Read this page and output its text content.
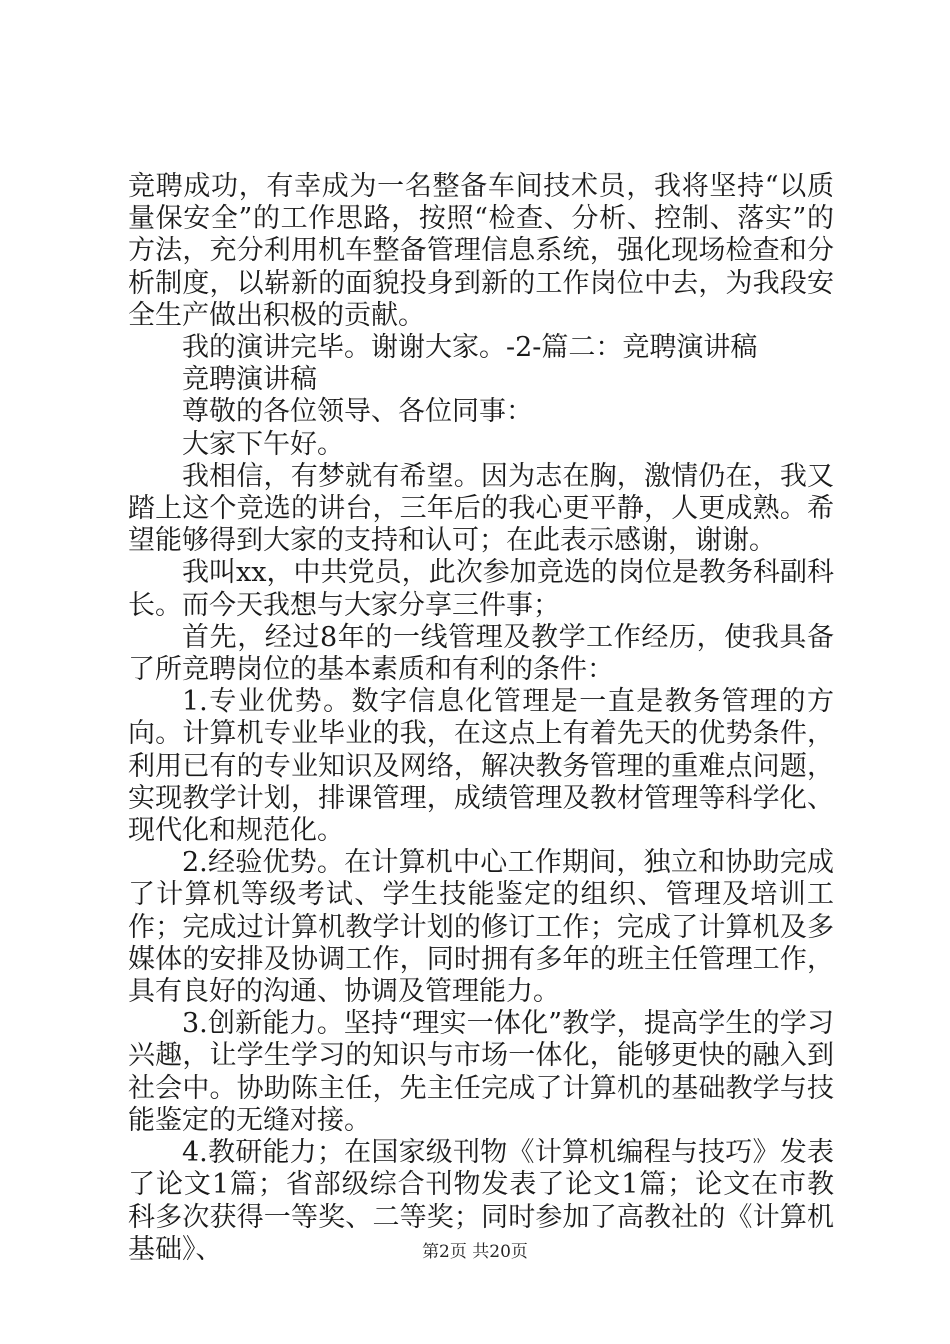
竞聘成功，有幸成为一名整备车间技术员，我将坚持“以质量保安全”的工作思路，按照“检查、分析、控制、落实”的方法，充分利用机车整备管理信息系统，强化现场检查和分析制度，以崭新的面貌投身到新的工作岗位中去，为我段安全生产做出积极的贡献。

我的演讲完毕。谢谢大家。-2-篇二：竞聘演讲稿

竞聘演讲稿

尊敬的各位领导、各位同事：

大家下午好。

我相信，有梦就有希望。因为志在胸，激情仍在，我又踏上这个竞选的讲台，三年后的我心更平静，人更成熟。希望能够得到大家的支持和认可；在此表示感谢，谢谢。

我叫xx，中共党员，此次参加竞选的岗位是教务科副科长。而今天我想与大家分享三件事；

首先，经过8年的一线管理及教学工作经历，使我具备了所竞聘岗位的基本素质和有利的条件：

1.专业优势。数字信息化管理是一直是教务管理的方向。计算机专业毕业的我，在这点上有着先天的优势条件，利用已有的专业知识及网络，解决教务管理的重难点问题，实现教学计划，排课管理，成绩管理及教材管理等科学化、现代化和规范化。

2.经验优势。在计算机中心工作期间，独立和协助完成了计算机等级考试、学生技能鉴定的组织、管理及培训工作；完成过计算机教学计划的修订工作；完成了计算机及多媒体的安排及协调工作，同时拥有多年的班主任管理工作，具有良好的沟通、协调及管理能力。

3.创新能力。坚持“理实一体化”教学，提高学生的学习兴趣，让学生学习的知识与市场一体化，能够更快的融入到社会中。协助陈主任，先主任完成了计算机的基础教学与技能鉴定的无缝对接。

4.教研能力；在国家级刊物《计算机编程与技巧》发表了论文1篇；省部级综合刊物发表了论文1篇；论文在市教科多次获得一等奖、二等奖；同时参加了高教社的《计算机基础》、	第2页 共20页
